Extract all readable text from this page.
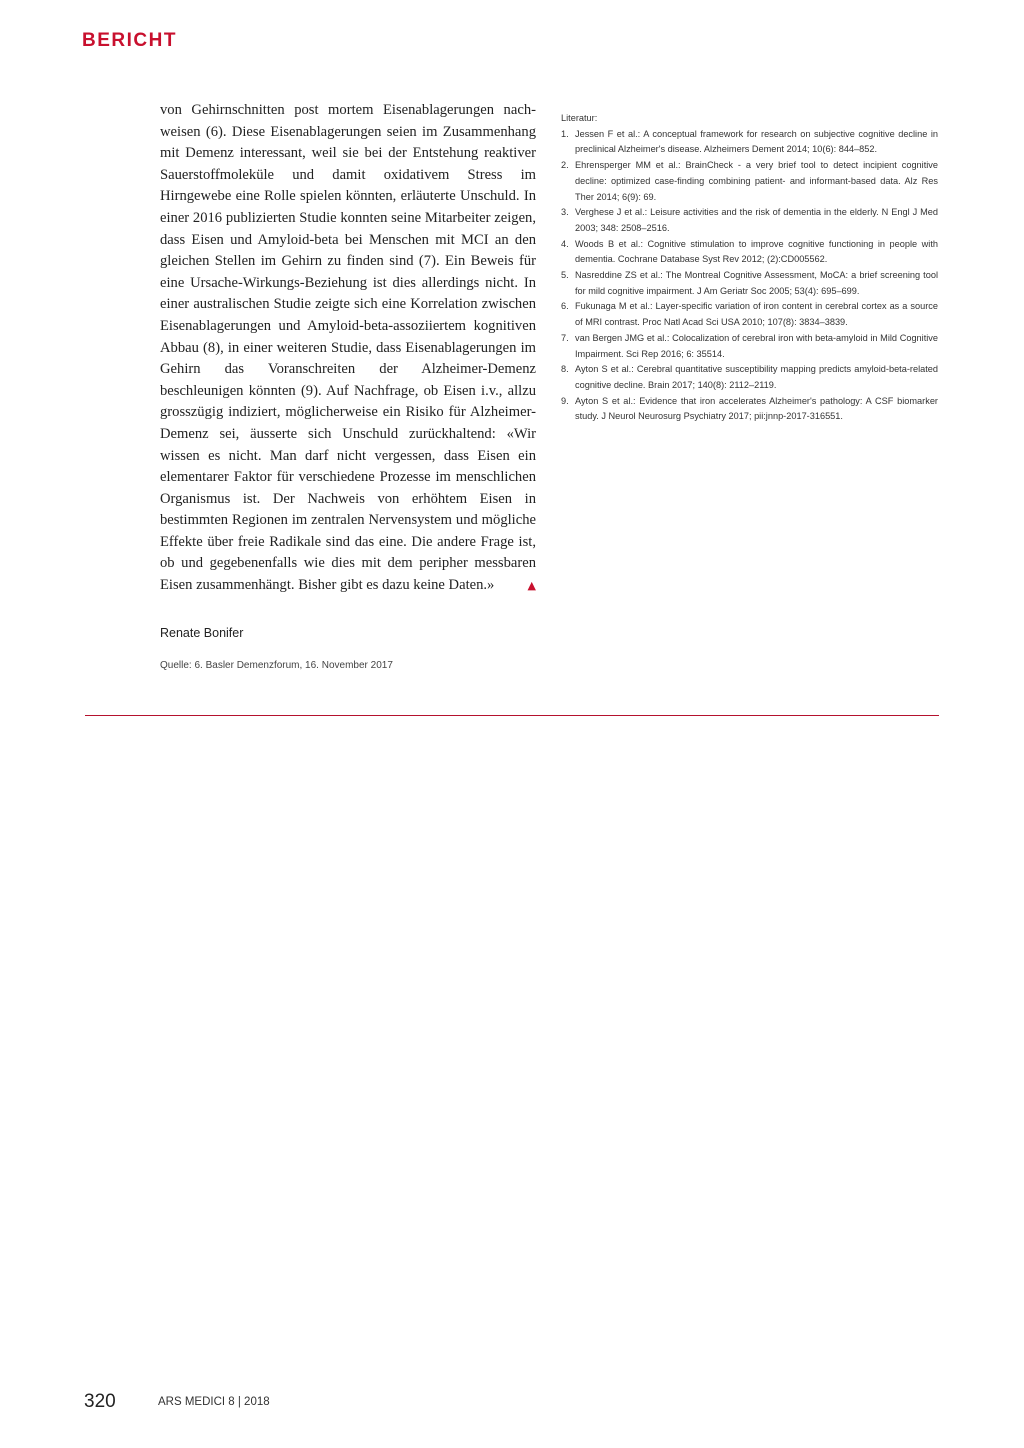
BERICHT

von Gehirnschnitten post mortem Eisenablagerungen nachweisen (6). Diese Eisenablagerungen seien im Zusammenhang mit Demenz interessant, weil sie bei der Entstehung reaktiver Sauerstoffmoleküle und damit oxidativem Stress im Hirngewebe eine Rolle spielen könnten, erläuterte Unschuld. In einer 2016 publizierten Studie konnten seine Mitarbeiter zeigen, dass Eisen und Amyloid-beta bei Menschen mit MCI an den gleichen Stellen im Gehirn zu finden sind (7). Ein Beweis für eine Ursache-Wirkungs-Beziehung ist dies allerdings nicht. In einer australischen Studie zeigte sich eine Korrelation zwischen Eisenablagerungen und Amyloid-beta-assoziiertem kognitiven Abbau (8), in einer weiteren Studie, dass Eisenablagerungen im Gehirn das Voranschreiten der Alzheimer-Demenz beschleunigen könnten (9). Auf Nachfrage, ob Eisen i.v., allzu grosszügig indiziert, möglicherweise ein Risiko für Alzheimer-Demenz sei, äusserte sich Unschuld zurückhaltend: «Wir wissen es nicht. Man darf nicht vergessen, dass Eisen ein elementarer Faktor für verschiedene Prozesse im menschlichen Organismus ist. Der Nachweis von erhöhtem Eisen in bestimmten Regionen im zentralen Nervensystem und mögliche Effekte über freie Radikale sind das eine. Die andere Frage ist, ob und gegebenenfalls wie dies mit dem peripher messbaren Eisen zusammenhängt. Bisher gibt es dazu keine Daten.»	▲

Renate Bonifer
Quelle: 6. Basler Demenzforum, 16. November 2017

Literatur:

1. Jessen F et al.: A conceptual framework for research on subjective cognitive decline in preclinical Alzheimer's disease. Alzheimers Dement 2014; 10(6): 844–852.
2. Ehrensperger MM et al.: BrainCheck - a very brief tool to detect incipient cognitive decline: optimized case-finding combining patient- and informant-based data. Alz Res Ther 2014; 6(9): 69.
3. Verghese J et al.: Leisure activities and the risk of dementia in the elderly. N Engl J Med 2003; 348: 2508–2516.
4. Woods B et al.: Cognitive stimulation to improve cognitive functioning in people with dementia. Cochrane Database Syst Rev 2012; (2):CD005562.
5. Nasreddine ZS et al.: The Montreal Cognitive Assessment, MoCA: a brief screening tool for mild cognitive impairment. J Am Geriatr Soc 2005; 53(4): 695–699.
6. Fukunaga M et al.: Layer-specific variation of iron content in cerebral cortex as a source of MRI contrast. Proc Natl Acad Sci USA 2010; 107(8): 3834–3839.
7. van Bergen JMG et al.: Colocalization of cerebral iron with beta-amyloid in Mild Cognitive Impairment. Sci Rep 2016; 6: 35514.
8. Ayton S et al.: Cerebral quantitative susceptibility mapping predicts amyloid-beta-related cognitive decline. Brain 2017; 140(8): 2112–2119.
9. Ayton S et al.: Evidence that iron accelerates Alzheimer's pathology: A CSF biomarker study. J Neurol Neurosurg Psychiatry 2017; pii:jnnp-2017-316551.
320	ARS MEDICI 8 | 2018
